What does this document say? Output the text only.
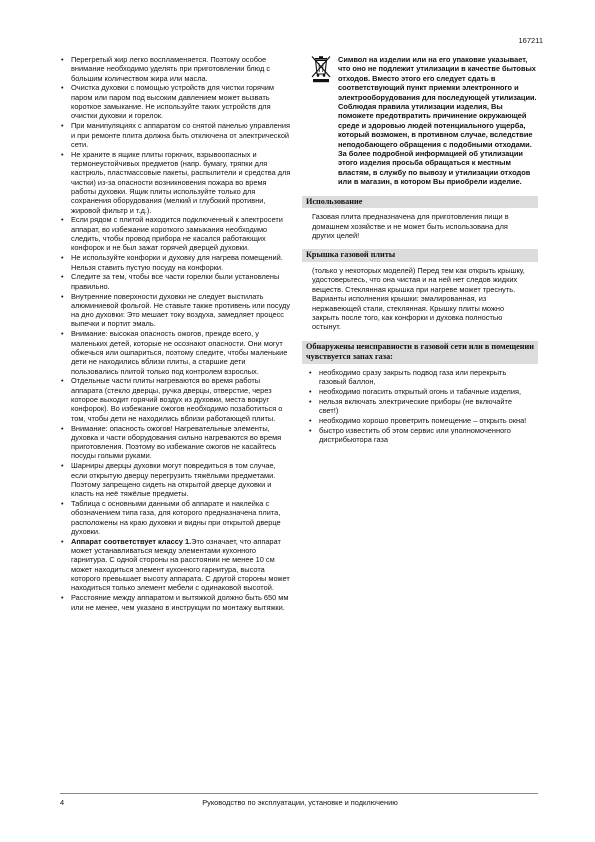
167211
• Перегретый жир легко воспламеняется. Поэтому особое внимание необходимо уделять при приготовлении блюд с большим количеством жира или масла.
• Очистка духовки с помощью устройств для чистки горячим паром или паром под высоким давлением может вызвать короткое замыкание. Не используйте таких устройств для очистки духовки и горелок.
• При манипуляциях с аппаратом со снятой панелью управления и при ремонте плита должна быть отключена от электрической сети.
• Не храните в ящике плиты горючих, взрывоопасных и термонеустойчивых предметов (напр. бумагу, тряпки для кастрюль, пластмассовые пакеты, распылители и средства для чистки) из-за опасности возникновения пожара во время работы духовки. Ящик плиты используйте только для сохранения оборудования (мелкий и глубокий противни, жировой фильтр и т.д.).
• Если рядом с плитой находится подключенный к электросети аппарат, во избежание короткого замыкания необходимо следить, чтобы провод прибора не касался работающих конфорок и не был зажат горячей дверцей духовки.
• Не используйте конфорки и духовку для нагрева помещений. Нельзя ставить пустую посуду на конфорки.
• Следите за тем, чтобы все части горелки были установлены правильно.
• Внутренние поверхности духовки не следует выстилать алюминиевой фольгой. Не ставьте также противень или посуду на дно духовки: Это мешает току воздуха, замедляет процесс выпечки и портит эмаль.
• Внимание: высокая опасность ожогов, прежде всего, у маленьких детей, которые не осознают опасности. Они могут обжечься или ошпариться, поэтому следите, чтобы маленькие дети не находились вблизи плиты, а старшие дети пользовались плитой только под контролем взрослых.
• Отдельные части плиты нагреваются во время работы аппарата (стекло дверцы, ручка дверцы, отверстие, через которое выходит горячий воздух из духовки, места вокруг конфорок). Во избежание ожогов необходимо позаботиться о том, чтобы дети не находились вблизи работающей плиты.
• Внимание: опасность ожогов! Нагревательные элементы, духовка и части оборудования сильно нагреваются во время приготовления. Поэтому во избежание ожогов не касайтесь посуды голыми руками.
• Шарниры дверцы духовки могут повредиться в том случае, если открытую дверцу перегрузить тяжёлыми предметами. Поэтому запрещено сидеть на открытой дверце духовки и класть на неё тяжёлые предметы.
• Таблица с основными данными об аппарате и наклейка с обозначением типа газа, для которого предназначена плита, расположены на краю духовки и видны при открытой дверце духовки.
• Аппарат соответствует классу 1.Это означает, что аппарат может устанавливаться между элементами кухонного гарнитура. С одной стороны на расстоянии не менее 10 см может находиться элемент кухонного гарнитура, высота которого превышает высоту аппарата. С другой стороны может находиться только элемент мебели с одинаковой высотой.
• Расстояние между аппаратом и вытяжкой должно быть 650 мм или не менее, чем указано в инструкции по монтажу вытяжки.
Символ на изделии или на его упаковке указывает, что оно не подлежит утилизации в качестве бытовых отходов. Вместо этого его следует сдать в соответствующий пункт приемки электронного и электрооборудования для последующей утилизации. Соблюдая правила утилизации изделия, Вы поможете предотвратить причинение окружающей среде и здоровью людей потенциального ущерба, который возможен, в противном случае, вследствие неподобающего обращения с подобными отходами. За более подробной информацией об утилизации этого изделия просьба обращаться к местным властям, в службу по вывозу и утилизации отходов или в магазин, в котором Вы приобрели изделие.
Использование

Газовая плита предназначена для приготовления пищи в домашнем хозяйстве и не может быть использована для других целей!

Крышка газовой плиты

(только у некоторых моделей) Перед тем как открыть крышку, удостоверьтесь, что она чистая и на ней нет следов жидких веществ. Стеклянная крышка при нагреве может треснуть. Варианты исполнения крышки: эмалированная, из нержавеющей стали, стеклянная. Крышку плиты можно закрыть после того, как конфорки и духовка полностью остынут.

Обнаружены неисправности в газовой сети или в помещении чувствуется запах газа:
• необходимо сразу закрыть подвод газа или перекрыть газовый баллон,
• необходимо погасить открытый огонь и табачные изделия,
• нельзя включать электрические приборы (не включайте свет!)
• необходимо хорошо проветрить помещение – открыть окна!
• быстро известить об этом сервис или уполномоченного дистрибьютора газа
4	Руководство по эксплуатации, установке и подключению
